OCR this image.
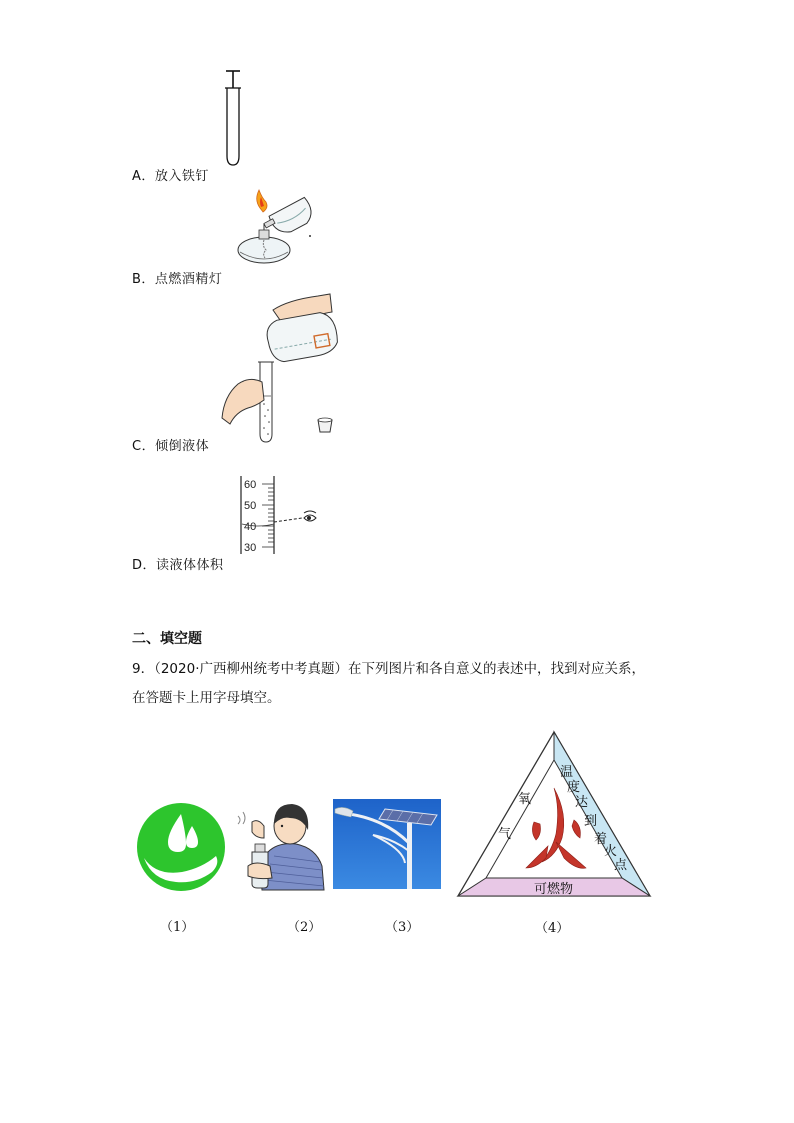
A．放入铁钉
B．点燃酒精灯
C．倾倒液体
60
50
40
30
D．读液体体积
二、填空题
9．（2020·广西柳州统考中考真题）在下列图片和各自意义的表述中，找到对应关系，
在答题卡上用字母填空。
（1）	（2）	（3）
氧
气
温
度
达
到
着
火
点
可燃物
（4）
